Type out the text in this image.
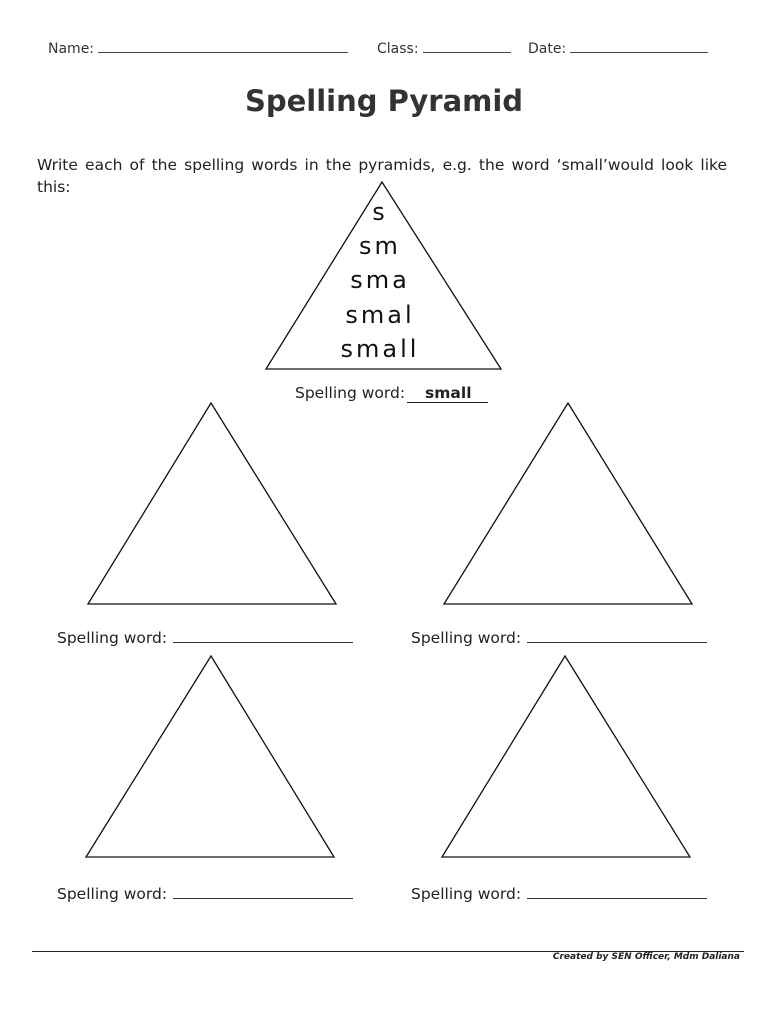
Name:	Class:	Date:
Spelling Pyramid
Write each of the spelling words in the pyramids, e.g. the word ‘small’would look like this:
s
sm
sma
smal
small
Spelling word: small
Spelling word:	Spelling word:
Spelling word:	Spelling word:
Created by SEN Officer, Mdm Daliana
